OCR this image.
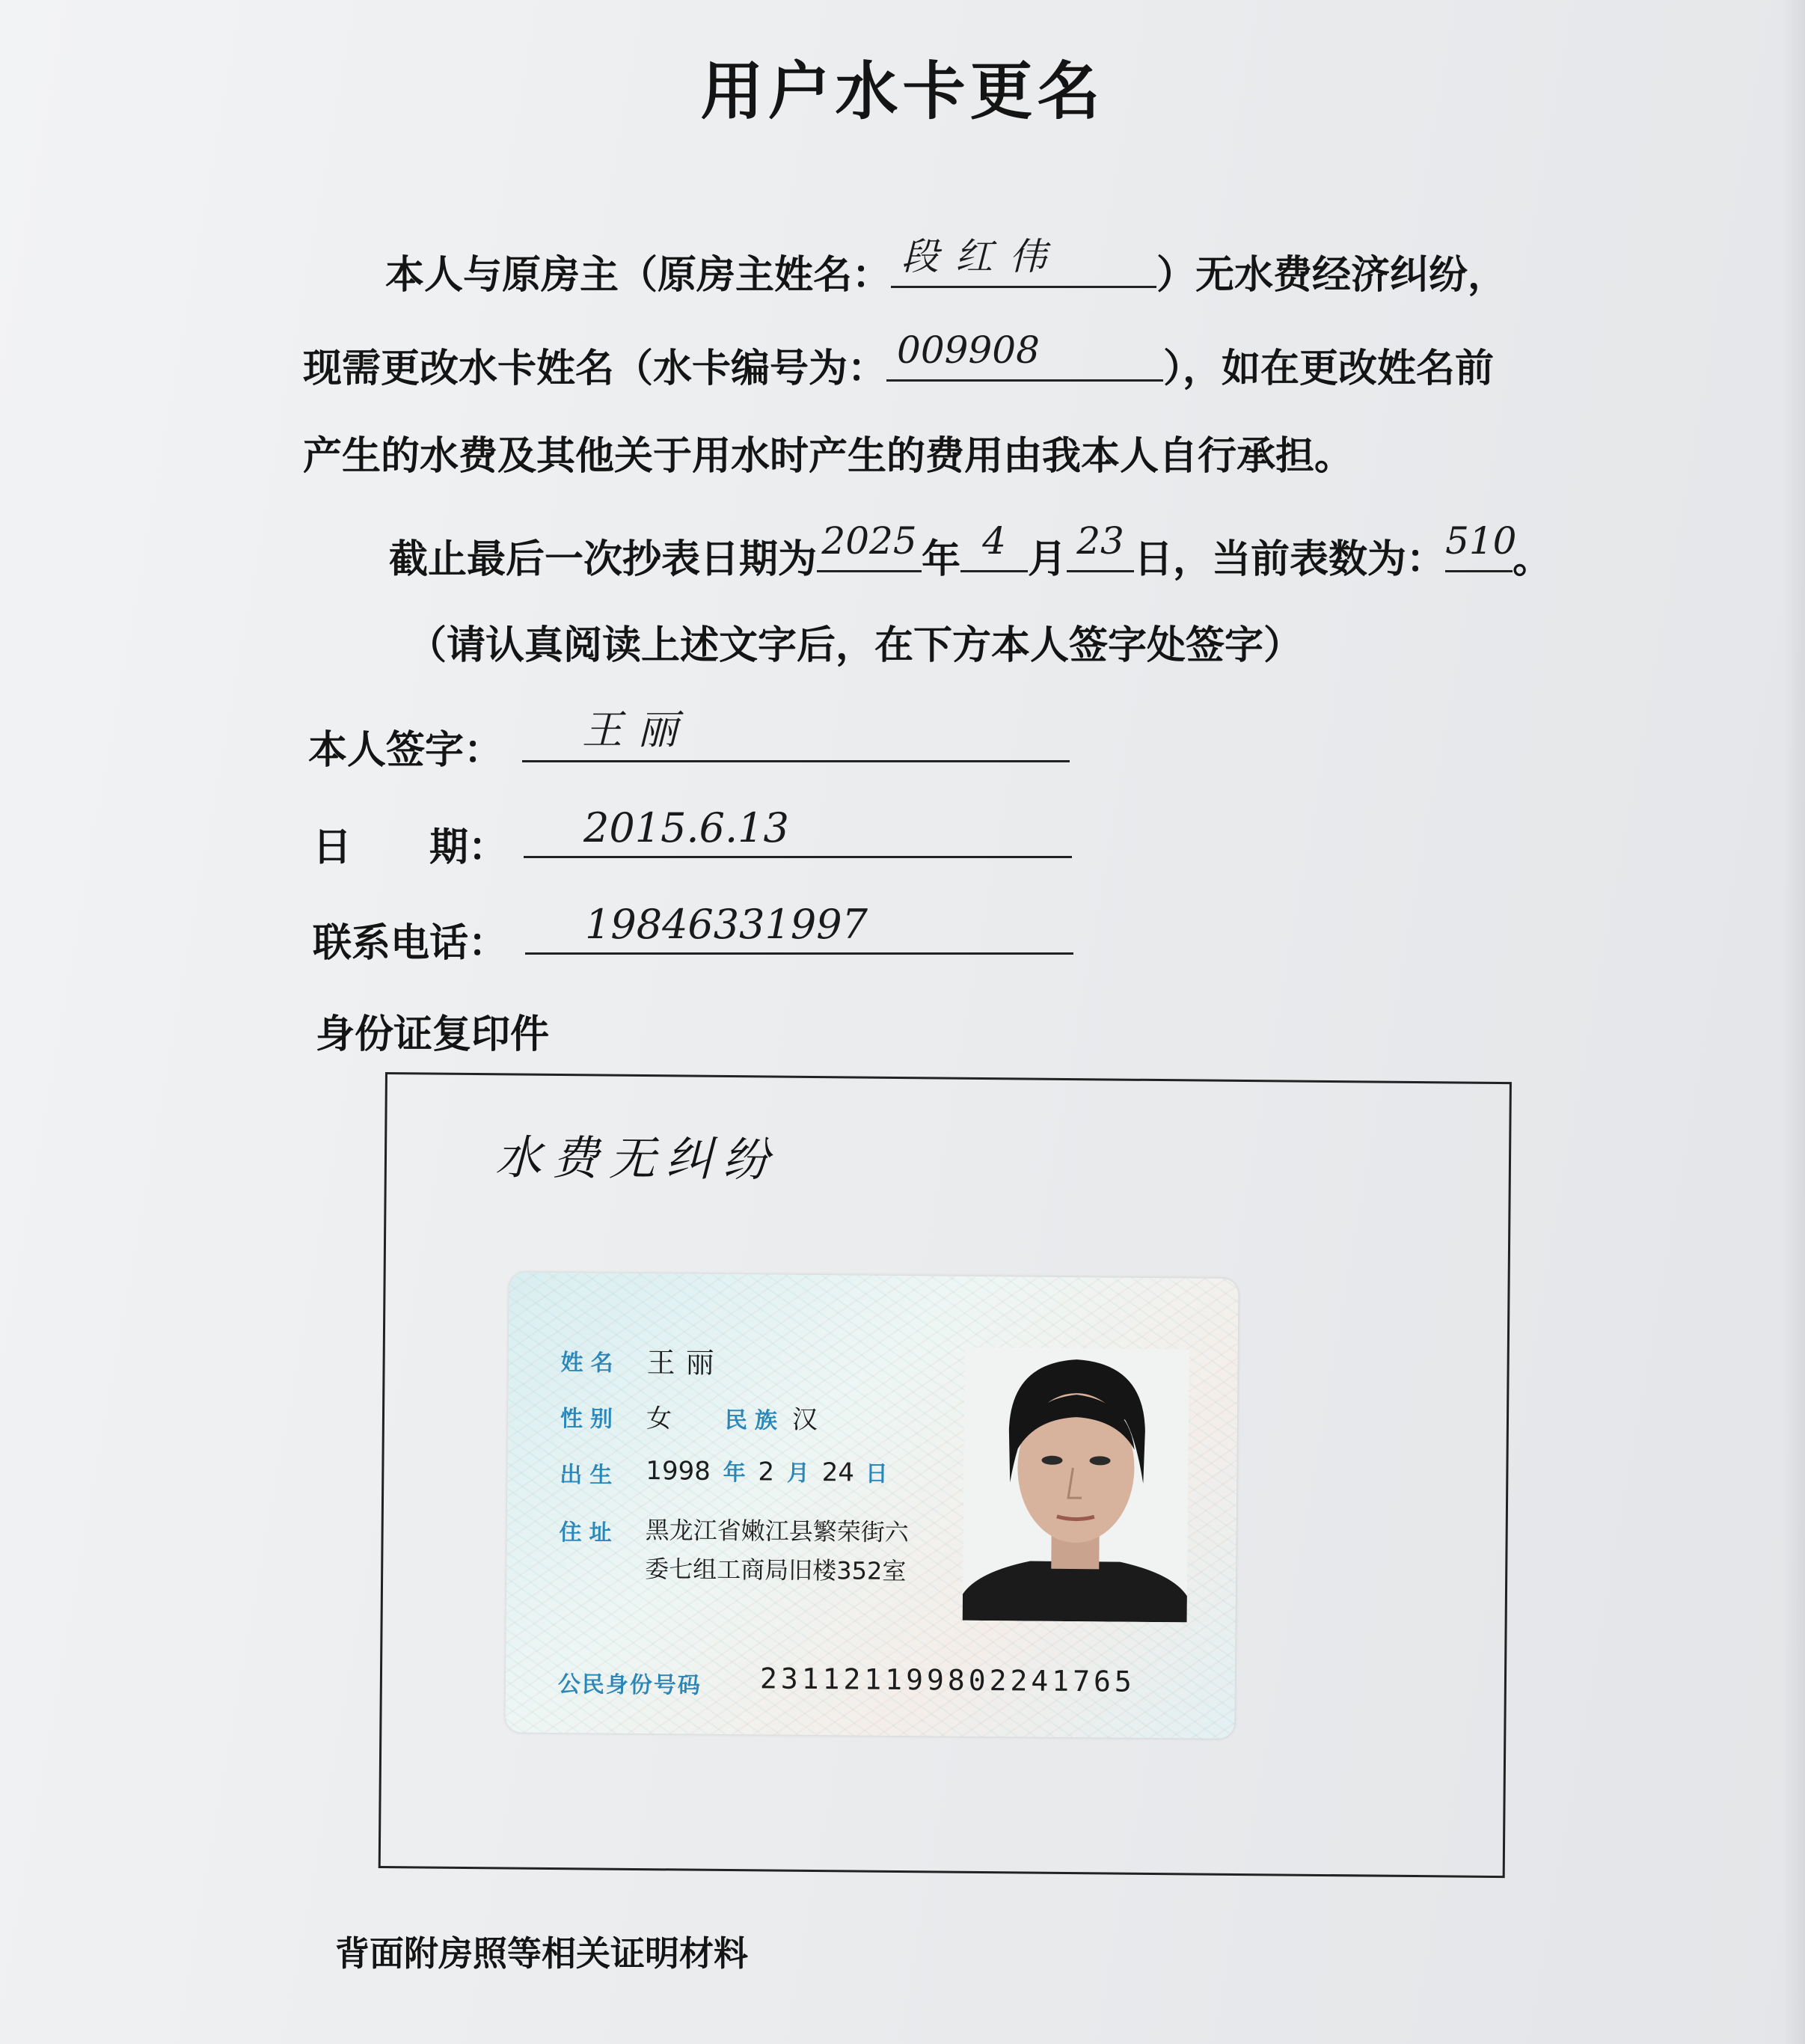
用户水卡更名
本人与原房主（原房主姓名： 段红伟 ）无水费经济纠纷，
现需更改水卡姓名（水卡编号为： 009908	），如在更改姓名前
产生的水费及其他关于用水时产生的费用由我本人自行承担。
截止最后一次抄表日期为 2025 年 4 月 23 日，当前表数为： 510
。
（请认真阅读上述文字后，在下方本人签字处签字）
本人签字： 王丽
日　　期： 2015.6.13
联系电话： 19846331997
身份证复印件
水费无纠纷
姓名 王丽
性别 女 民族 汉
出生 1998 年 2 月 24 日
住址 黑龙江省嫩江县繁荣街六
委七组工商局旧楼352室
公民身份号码 231121199802241765
背面附房照等相关证明材料
